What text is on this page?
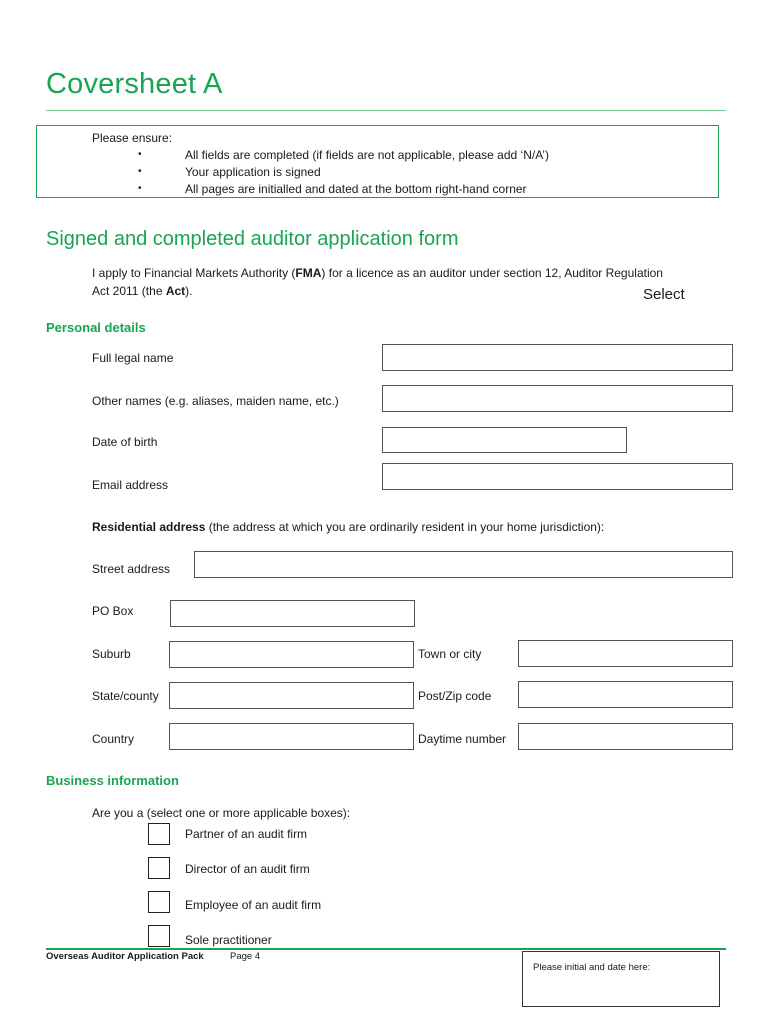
Coversheet A
Please ensure:
•	All fields are completed (if fields are not applicable, please add ‘N/A’)
•	Your application is signed
•	All pages are initialled and dated at the bottom right-hand corner
Signed and completed auditor application form
I apply to Financial Markets Authority (FMA) for a licence as an auditor under section 12, Auditor Regulation
Act 2011 (the Act).	Select
Personal details
Full legal name
Other names (e.g. aliases, maiden name, etc.)
Date of birth
Email address
Residential address (the address at which you are ordinarily resident in your home jurisdiction):
Street address
PO Box
Suburb	Town or city
State/county	Post/Zip code
Country	Daytime number
Business information
Are you a (select one or more applicable boxes):
Partner of an audit firm
Director of an audit firm
Employee of an audit firm
Sole practitioner
Overseas Auditor Application Pack	Page 4
Please initial and date here:
